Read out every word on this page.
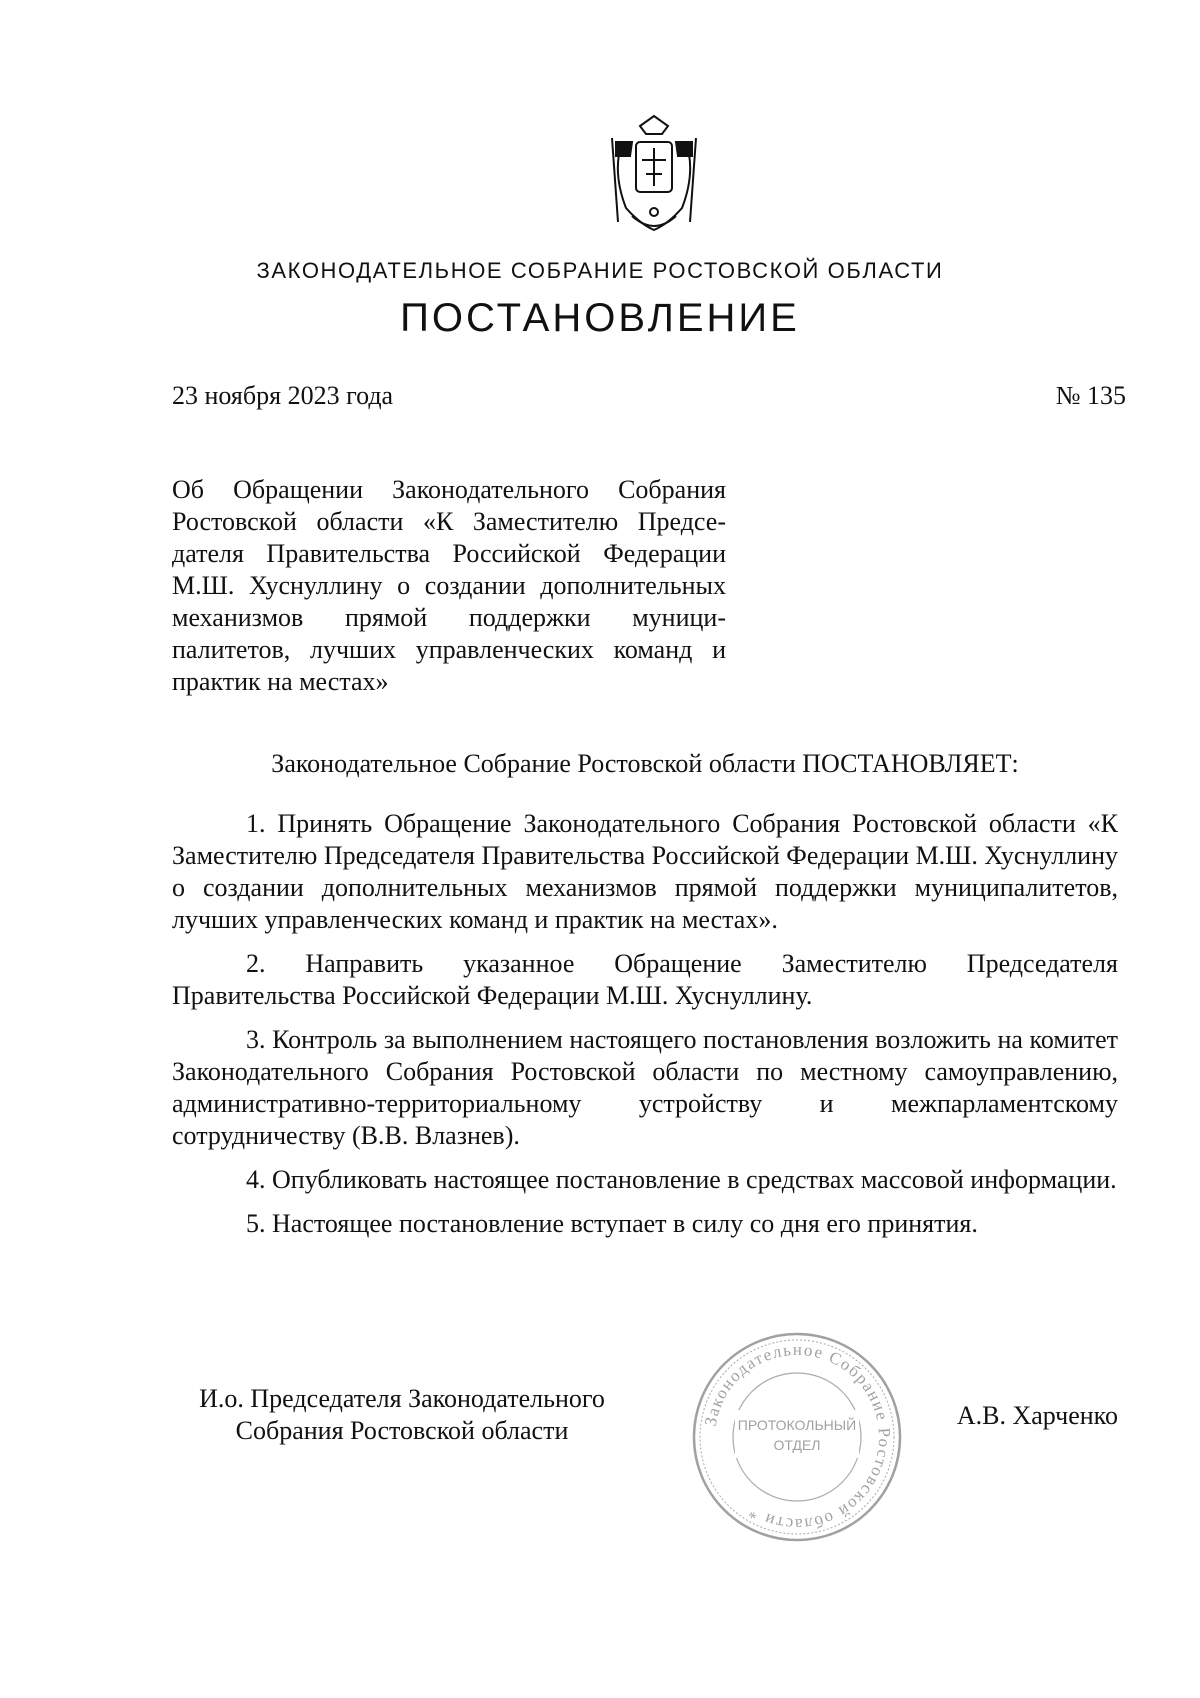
ЗАКОНОДАТЕЛЬНОЕ СОБРАНИЕ РОСТОВСКОЙ ОБЛАСТИ
ПОСТАНОВЛЕНИЕ
23 ноября 2023 года	№ 135
Об Обращении Законодательного Собрания Ростовской области «К Заместителю Председателя Правительства Российской Федерации М.Ш. Хуснуллину о создании дополнительных механизмов прямой поддержки муниципалитетов, лучших управленческих команд и практик на местах»
Законодательное Собрание Ростовской области ПОСТАНОВЛЯЕТ:

1. Принять Обращение Законодательного Собрания Ростовской области «К Заместителю Председателя Правительства Российской Федерации М.Ш. Хуснуллину о создании дополнительных механизмов прямой поддержки муниципалитетов, лучших управленческих команд и практик на местах».

2. Направить указанное Обращение Заместителю Председателя Правительства Российской Федерации М.Ш. Хуснуллину.

3. Контроль за выполнением настоящего постановления возложить на комитет Законодательного Собрания Ростовской области по местному самоуправлению, административно-территориальному устройству и межпарламентскому сотрудничеству (В.В. Влазнев).

4. Опубликовать настоящее постановление в средствах массовой информации.

5. Настоящее постановление вступает в силу со дня его принятия.

И.о. Председателя Законодательного
Собрания Ростовской области
А.В. Харченко
Законодательное Собрание Ростовской области *
ПРОТОКОЛЬНЫЙ
ОТДЕЛ
